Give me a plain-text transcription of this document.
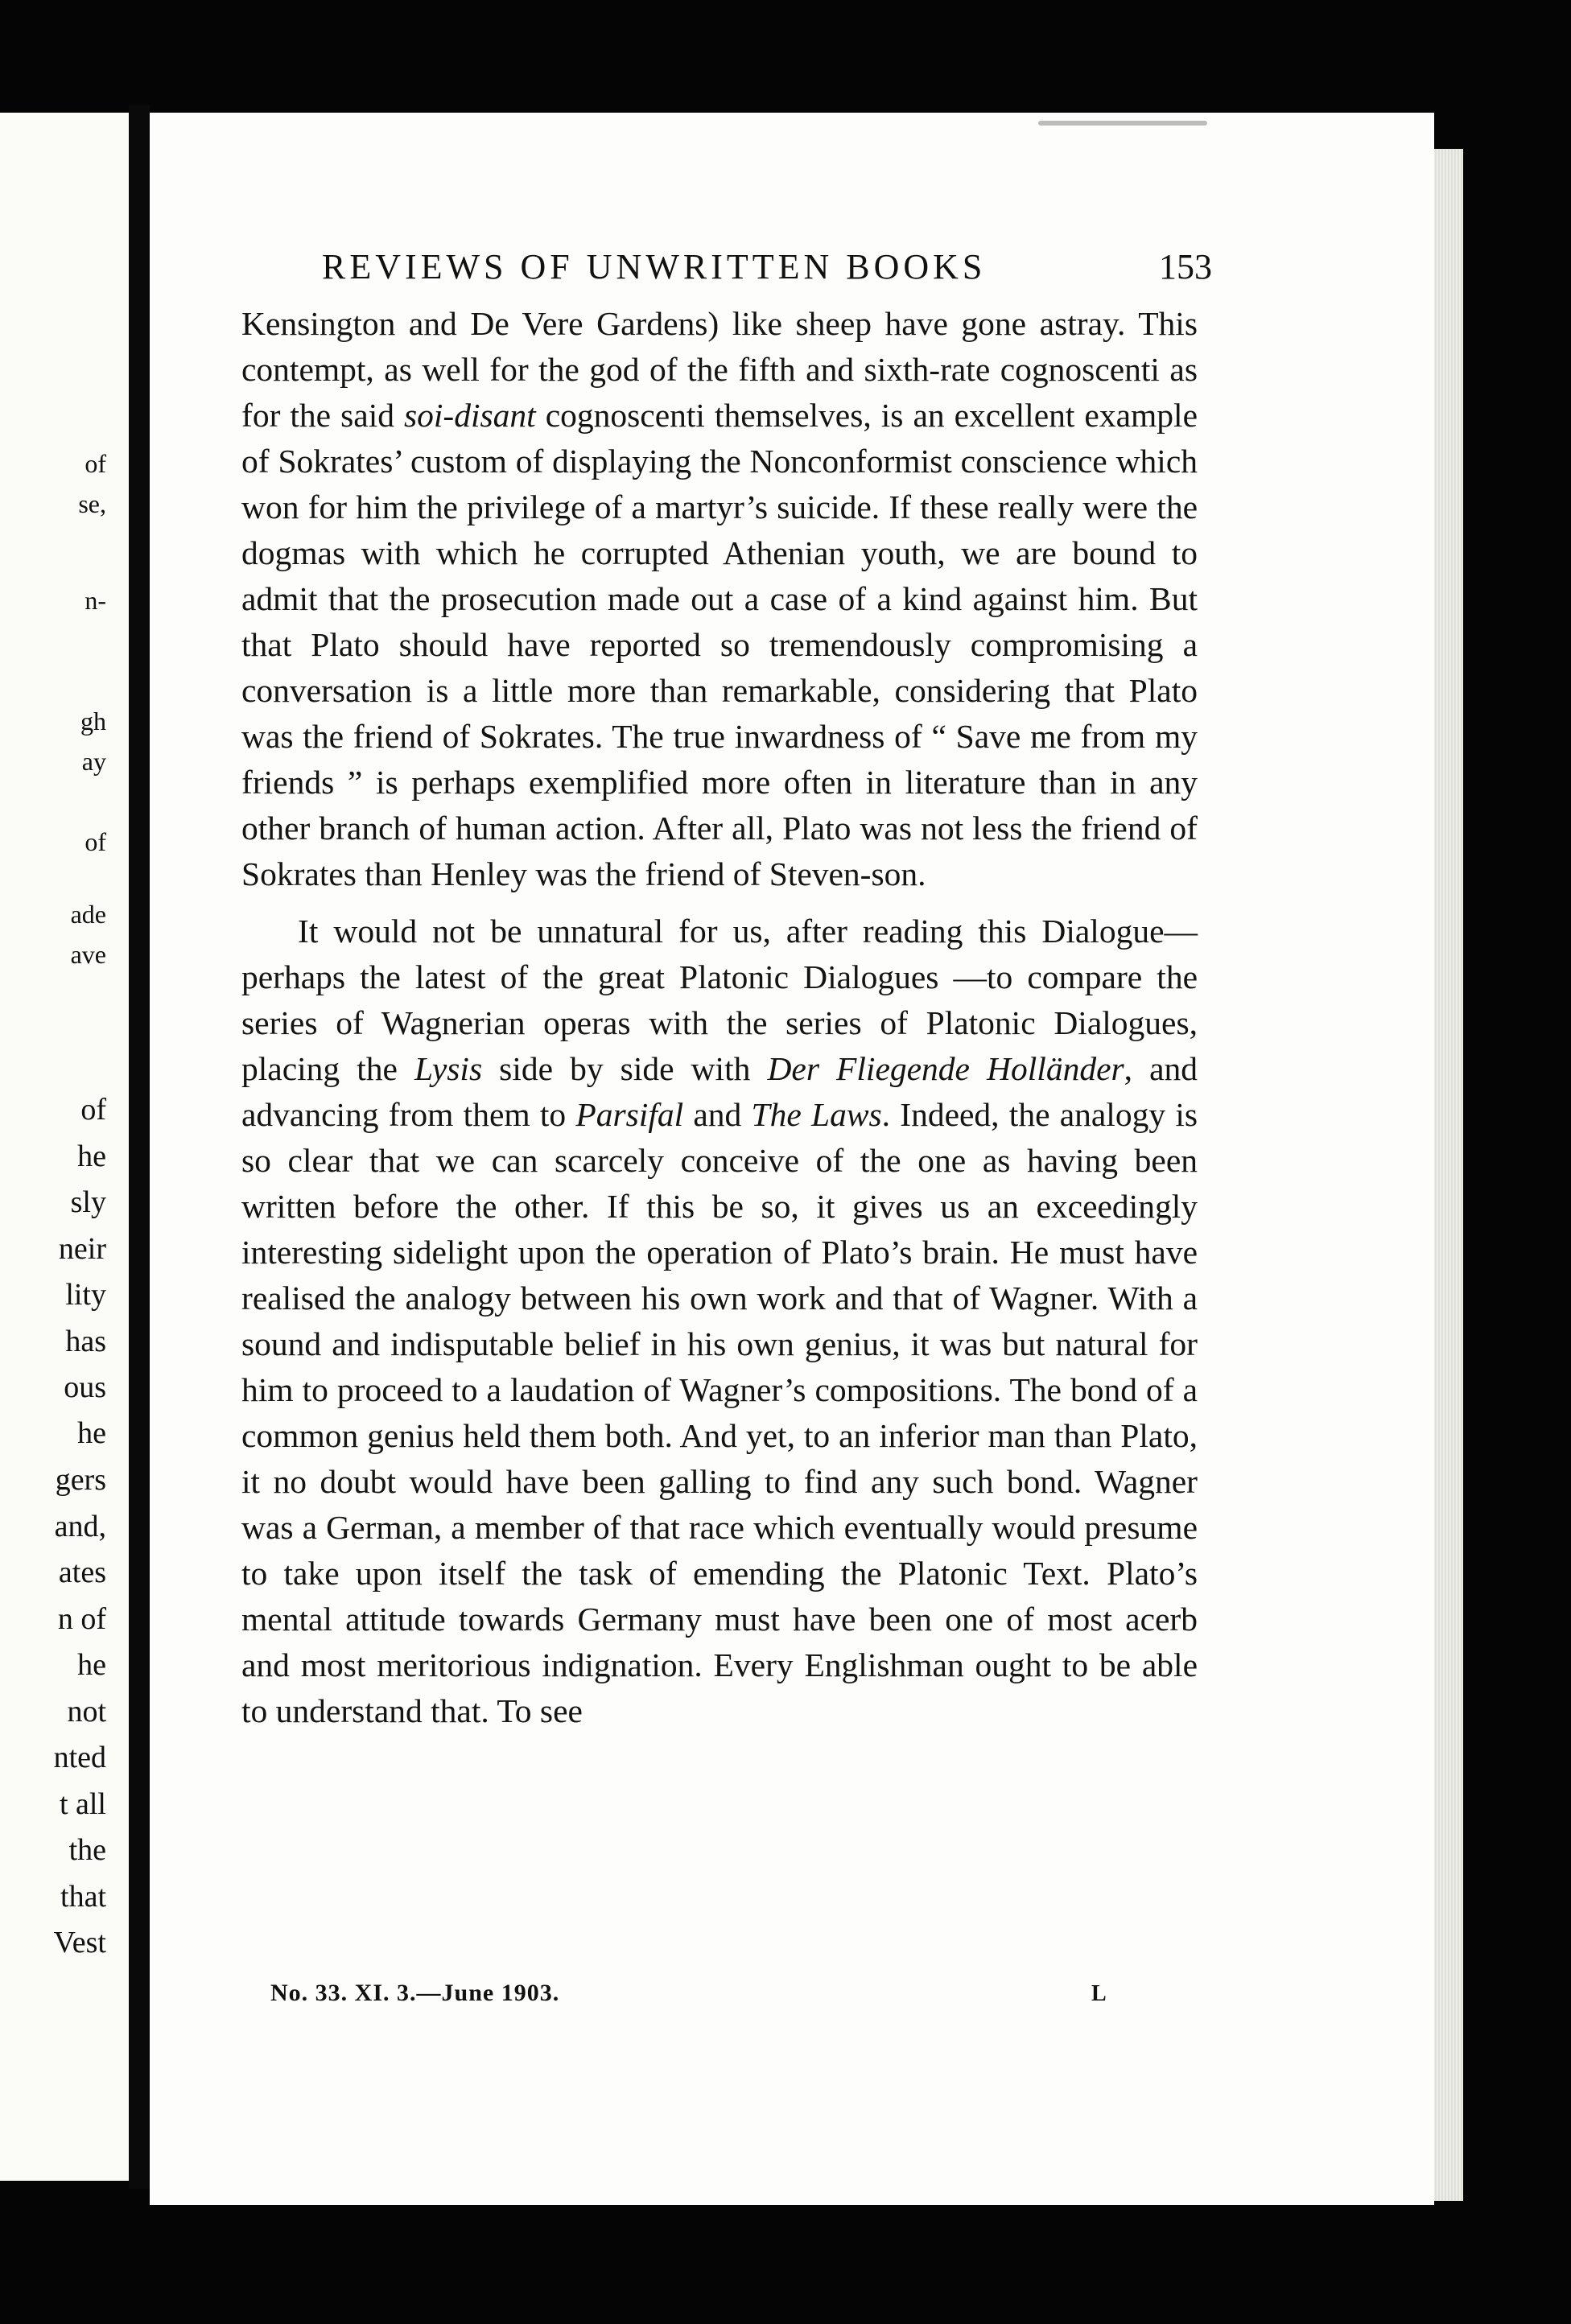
of
se,
n-
gh
ay
of
ade
ave
of
he
sly
neir
lity
has
ous
he
gers
and,
ates
n of
he
not
nted
t all
the
that
Vest
REVIEWS OF UNWRITTEN BOOKS	153

Kensington and De Vere Gardens) like sheep have gone astray. This contempt, as well for the god of the fifth and sixth-rate cognoscenti as for the said soi-disant cognoscenti themselves, is an excellent example of Sokrates’ custom of displaying the Nonconformist conscience which won for him the privilege of a martyr’s suicide. If these really were the dogmas with which he corrupted Athenian youth, we are bound to admit that the prosecution made out a case of a kind against him. But that Plato should have reported so tremendously compromising a conversation is a little more than remarkable, considering that Plato was the friend of Sokrates. The true inwardness of “ Save me from my friends ” is perhaps exemplified more often in literature than in any other branch of human action. After all, Plato was not less the friend of Sokrates than Henley was the friend of Steven-son.

It would not be unnatural for us, after reading this Dialogue—perhaps the latest of the great Platonic Dialogues —to compare the series of Wagnerian operas with the series of Platonic Dialogues, placing the Lysis side by side with Der Fliegende Holländer, and advancing from them to Parsifal and The Laws. Indeed, the analogy is so clear that we can scarcely conceive of the one as having been written before the other. If this be so, it gives us an exceedingly interesting sidelight upon the operation of Plato’s brain. He must have realised the analogy between his own work and that of Wagner. With a sound and indisputable belief in his own genius, it was but natural for him to proceed to a laudation of Wagner’s compositions. The bond of a common genius held them both. And yet, to an inferior man than Plato, it no doubt would have been galling to find any such bond. Wagner was a German, a member of that race which eventually would presume to take upon itself the task of emending the Platonic Text. Plato’s mental attitude towards Germany must have been one of most acerb and most meritorious indignation. Every Englishman ought to be able to understand that. To see

No. 33. XI. 3.—June 1903.	L
